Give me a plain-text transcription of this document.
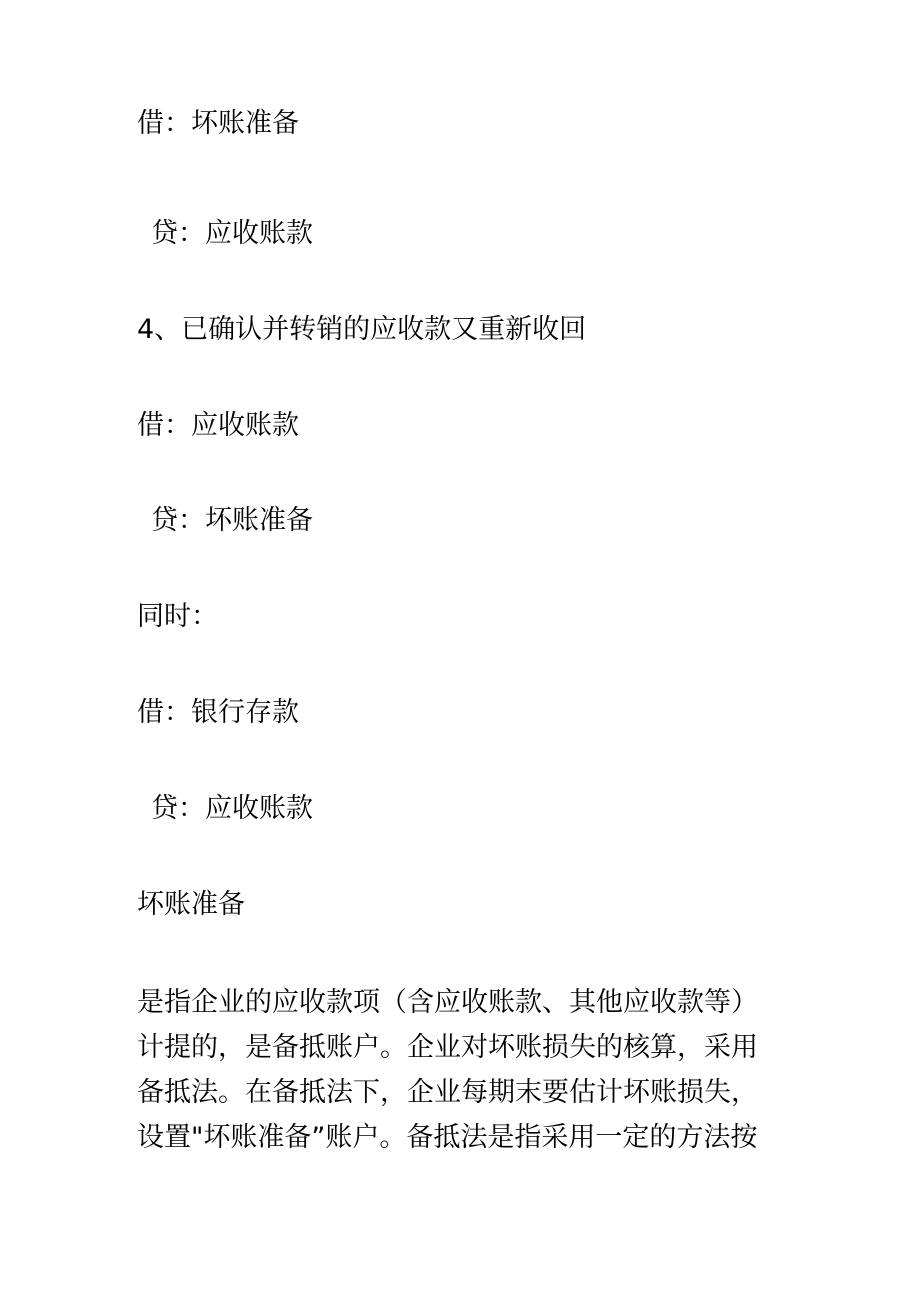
借：坏账准备

贷：应收账款

4、已确认并转销的应收款又重新收回

借：应收账款

贷：坏账准备

同时：

借：银行存款

贷：应收账款

坏账准备

是指企业的应收款项（含应收账款、其他应收款等）
计提的，是备抵账户。企业对坏账损失的核算，采用
备抵法。在备抵法下，企业每期末要估计坏账损失，
设置"坏账准备”账户。备抵法是指采用一定的方法按
